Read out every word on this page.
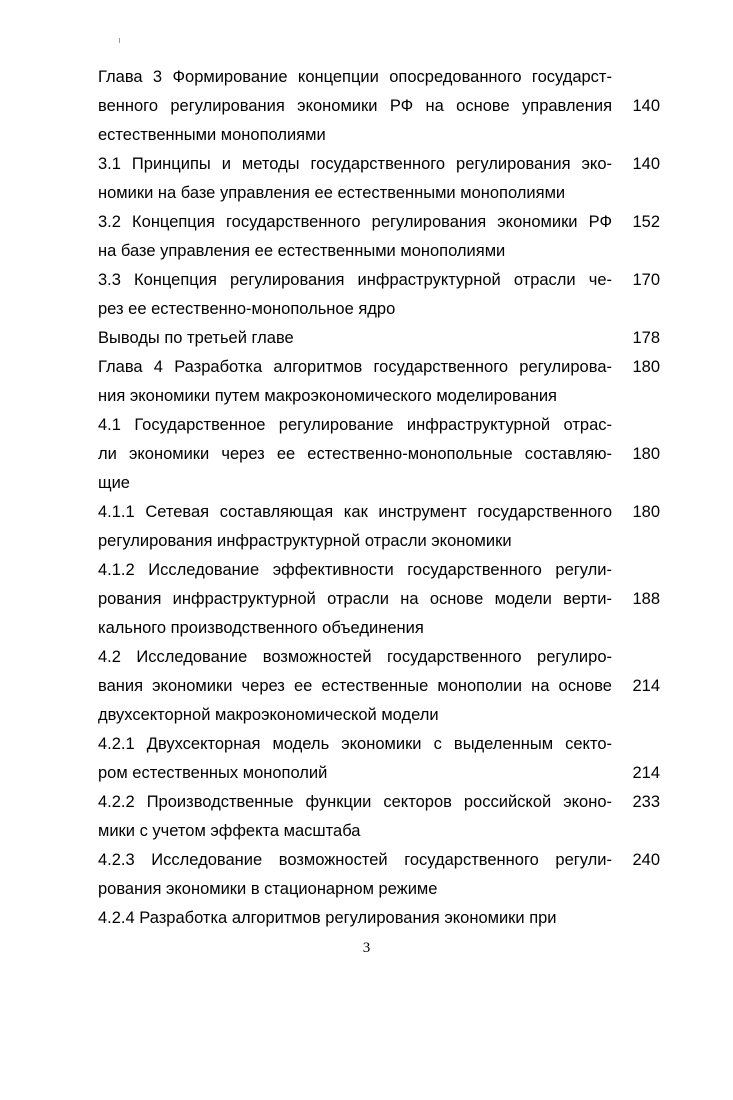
Глава 3 Формирование концепции опосредованного государст-
венного регулирования экономики РФ на основе управления
естественными монополиями
140
3.1 Принципы и методы государственного регулирования эко-
номики на базе управления ее естественными монополиями
140
3.2 Концепция государственного регулирования экономики РФ
на базе управления ее естественными монополиями
152
3.3 Концепция регулирования инфраструктурной отрасли че-
рез ее естественно-монопольное ядро
170
Выводы по третьей главе	178
Глава 4 Разработка алгоритмов государственного регулирова-
ния экономики путем макроэкономического моделирования
180
4.1 Государственное регулирование инфраструктурной отрас-
ли экономики через ее естественно-монопольные составляю-
щие
180
4.1.1 Сетевая составляющая как инструмент государственного
регулирования инфраструктурной отрасли экономики
180
4.1.2 Исследование эффективности государственного регули-
рования инфраструктурной отрасли на основе модели верти-
кального производственного объединения
188
4.2 Исследование возможностей государственного регулиро-
вания экономики через ее естественные монополии на основе
двухсекторной макроэкономической модели
214
4.2.1 Двухсекторная модель экономики с выделенным секто-
ром естественных монополий	214
4.2.2 Производственные функции секторов российской эконо-
мики с учетом эффекта масштаба
233
4.2.3 Исследование возможностей государственного регули-
рования экономики в стационарном режиме
240
4.2.4 Разработка алгоритмов регулирования экономики при
3
